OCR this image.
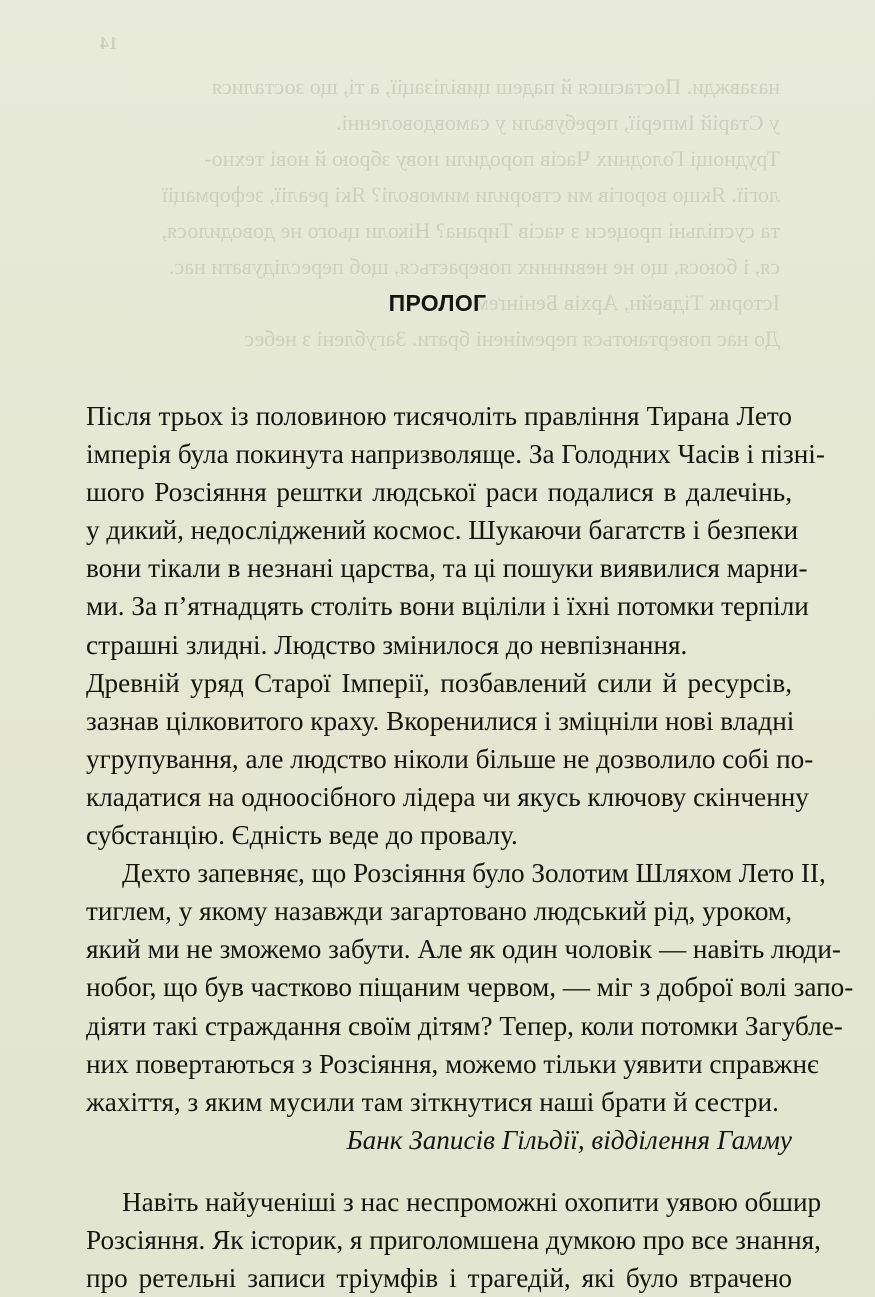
14

назавжди. Постаєшся й падеш цивілізації, а ті, що зосталися

у Старій Імперії, перебували у самовдоволенні.

Труднощі Голодних Часів породили нову зброю й нові техно-

логії. Якщо ворогів ми створили мимоволі? Які реалії, зеформації

та суспільні процеси з часів Тирана? Ніколи цього не доводилося,

ся, і боюся, що не невинних поверається, щоб переслідувати нас.

Історик Тідвейн, Архів Бенінґем

До нас повертаються перемінені брати. Загублені з небес

ПРОЛОГ

Після трьох із половиною тисячоліть правління Тирана Лето
імперія була покинута напризволяще. За Голодних Часів і пізні-
шого Розсіяння рештки людської раси подалися в далечінь,
у дикий, недосліджений космос. Шукаючи багатств і безпеки
вони тікали в незнані царства, та ці пошуки виявилися марни-
ми. За п’ятнадцять століть вони вціліли і їхні потомки терпіли
страшні злидні. Людство змінилося до невпізнання.

Древній уряд Старої Імперії, позбавлений сили й ресурсів,
зазнав цілковитого краху. Вкоренилися і зміцніли нові владні
угрупування, але людство ніколи більше не дозволило собі по-
кладатися на одноосібного лідера чи якусь ключову скінченну
субстанцію. Єдність веде до провалу.

Дехто запевняє, що Розсіяння було Золотим Шляхом Лето II,
тиглем, у якому назавжди загартовано людський рід, уроком,
який ми не зможемо забути. Але як один чоловік — навіть люди-
нобог, що був частково піщаним червом, — міг з доброї волі запо-
діяти такі страждання своїм дітям? Тепер, коли потомки Загубле-
них повертаються з Розсіяння, можемо тільки уявити справжнє
жахіття, з яким мусили там зіткнутися наші брати й сестри.
Банк Записів Гільдії, відділення Гамму

Навіть найученіші з нас неспроможні охопити уявою обшир
Розсіяння. Як історик, я приголомшена думкою про все знання,
про ретельні записи тріумфів і трагедій, які було втрачено
